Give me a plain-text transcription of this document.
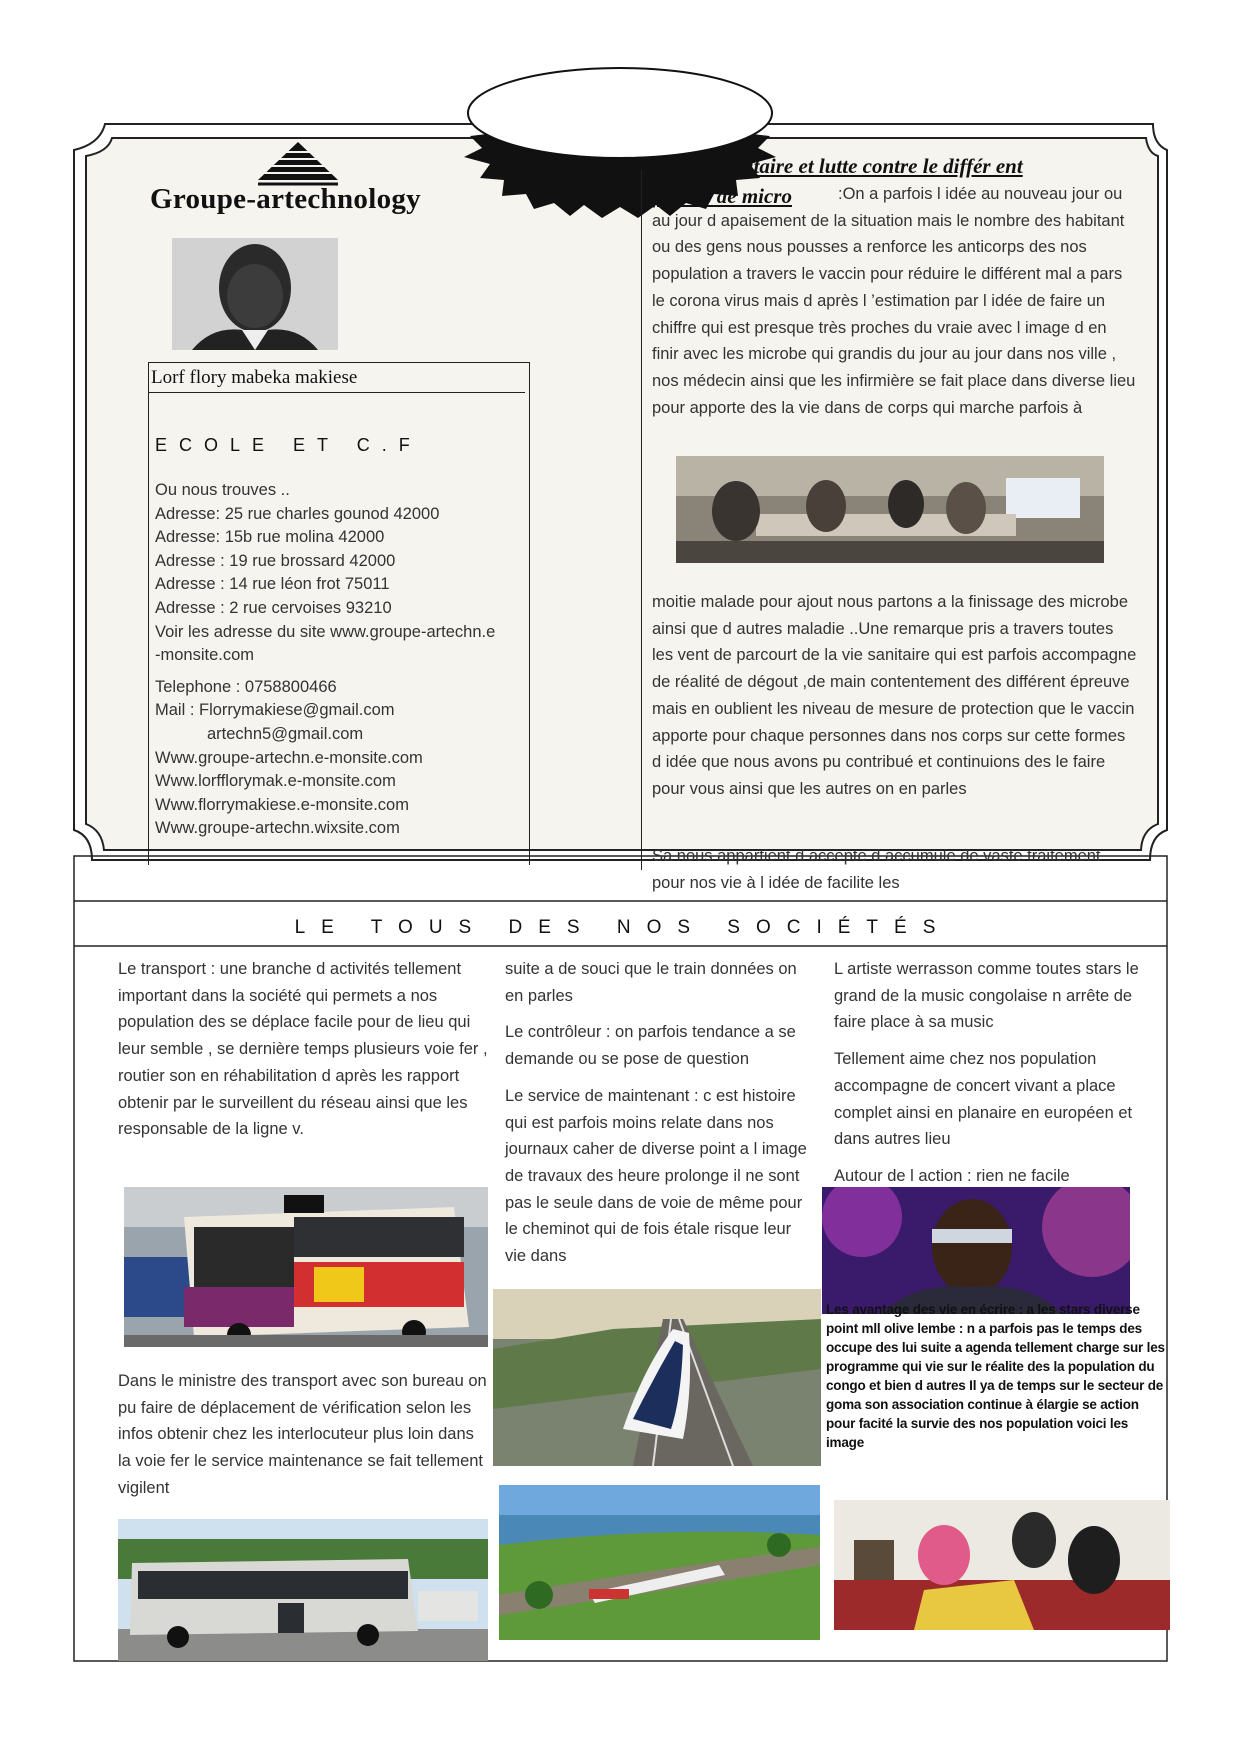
Groupe-artechnology
Lorf flory mabeka makiese
ECOLE ET C.F
Ou nous trouves ..
Adresse: 25 rue charles gounod 42000
Adresse: 15b rue molina 42000
Adresse : 19 rue brossard 42000
Adresse : 14 rue léon frot 75011
Adresse : 2 rue cervoises 93210
Voir les adresse du site www.groupe-artechn.e
-monsite.com
Telephone : 0758800466
Mail : Florrymakiese@gmail.com
artechn5@gmail.com
Www.groupe-artechn.e-monsite.com
Www.lorfflorymak.e-monsite.com
Www.florrymakiese.e-monsite.com
Www.groupe-artechn.wixsite.com
L'état sanitaire et lutte contre le différ ent
formes de micro	:On a parfois l idée au nouveau jour ou au jour d apaisement de la situation mais le nombre des habitant ou des gens nous pousses a renforce les anticorps des nos population a travers le vaccin pour réduire le différent mal a pars le corona virus mais d après l ’estimation par l idée de faire un chiffre qui est presque très proches du vraie avec l image d en finir avec les microbe qui grandis du jour au jour dans nos ville , nos médecin ainsi que les infirmière se fait place dans diverse lieu pour apporte des la vie dans de corps qui marche parfois à
moitie malade pour ajout nous partons a la finissage des microbe ainsi que d autres maladie ..Une remarque pris a travers toutes les vent de parcourt de la vie sanitaire qui est parfois accompagne de réalité de dégout ,de main contentement des différent épreuve mais en oublient les niveau de mesure de protection que le vaccin apporte pour chaque personnes dans nos corps sur cette formes d idée que nous avons pu contribué et continuions des le faire pour vous ainsi que les autres on en parles
Sa nous appartient d accepte d accumule de vaste traitement pour nos vie à l idée de facilite les
LE TOUS DES NOS SOCIÉTÉS
Le transport : une branche d activités tellement important dans la société qui permets a nos population des se déplace facile pour de lieu qui leur semble , se dernière temps plusieurs voie fer , routier son en réhabilitation d après les rapport obtenir par le surveillent du réseau ainsi que les responsable de la ligne v.
Dans le ministre des transport avec son bureau on pu faire de déplacement de vérification selon les infos obtenir chez les interlocuteur plus loin dans la voie fer le service maintenance se fait tellement vigilent
suite a de souci que le train données on en parles
Le contrôleur : on parfois tendance a se demande ou se pose de question
Le service de maintenant : c est histoire qui est parfois moins relate dans nos journaux caher de diverse point a l image de travaux des heure prolonge il ne sont pas le seule dans de voie de même pour le cheminot qui de fois étale risque leur vie dans
L artiste werrasson comme toutes stars le grand de la music congolaise n arrête de faire place à sa music
Tellement aime chez nos population accompagne de concert vivant a place complet ainsi en planaire en européen et dans autres lieu
Autour de l action : rien ne facile
Les avantage des vie en écrire : a les stars diverse point mll olive lembe : n a parfois pas le temps des occupe des lui suite a agenda tellement charge sur les programme qui vie sur le réalite des la population du congo et bien d autres Il ya de temps sur le secteur de goma son association continue à élargie se action pour facité la survie des nos population voici les image
